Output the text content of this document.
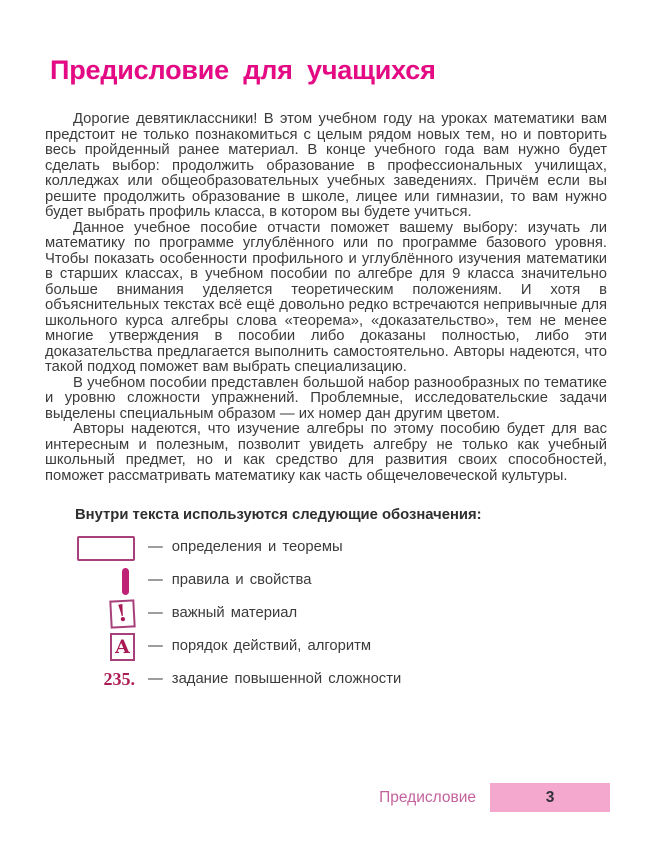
Предисловие для учащихся

Дорогие девятиклассники! В этом учебном году на уроках математики вам предстоит не только познакомиться с целым рядом новых тем, но и повторить весь пройденный ранее материал. В конце учебного года вам нужно будет сделать выбор: продолжить образование в профессиональных училищах, колледжах или общеобразовательных учебных заведениях. Причём если вы решите продолжить образование в школе, лицее или гимназии, то вам нужно будет выбрать профиль класса, в котором вы будете учиться.

Данное учебное пособие отчасти поможет вашему выбору: изучать ли математику по программе углублённого или по программе базового уровня. Чтобы показать особенности профильного и углублённого изучения математики в старших классах, в учебном пособии по алгебре для 9 класса значительно больше внимания уделяется теоретическим положениям. И хотя в объяснительных текстах всё ещё довольно редко встречаются непривычные для школьного курса алгебры слова «теорема», «доказательство», тем не менее многие утверждения в пособии либо доказаны полностью, либо эти доказательства предлагается выполнить самостоятельно. Авторы надеются, что такой подход поможет вам выбрать специализацию.

В учебном пособии представлен большой набор разнообразных по тематике и уровню сложности упражнений. Проблемные, исследовательские задачи выделены специальным образом — их номер дан другим цветом.

Авторы надеются, что изучение алгебры по этому пособию будет для вас интересным и полезным, позволит увидеть алгебру не только как учебный школьный предмет, но и как средство для развития своих способностей, поможет рассматривать математику как часть общечеловеческой культуры.

Внутри текста используются следующие обозначения:

— определения и теоремы
— правила и свойства
! — важный материал
А — порядок действий, алгоритм
235. — задание повышенной сложности
Предисловие	3
